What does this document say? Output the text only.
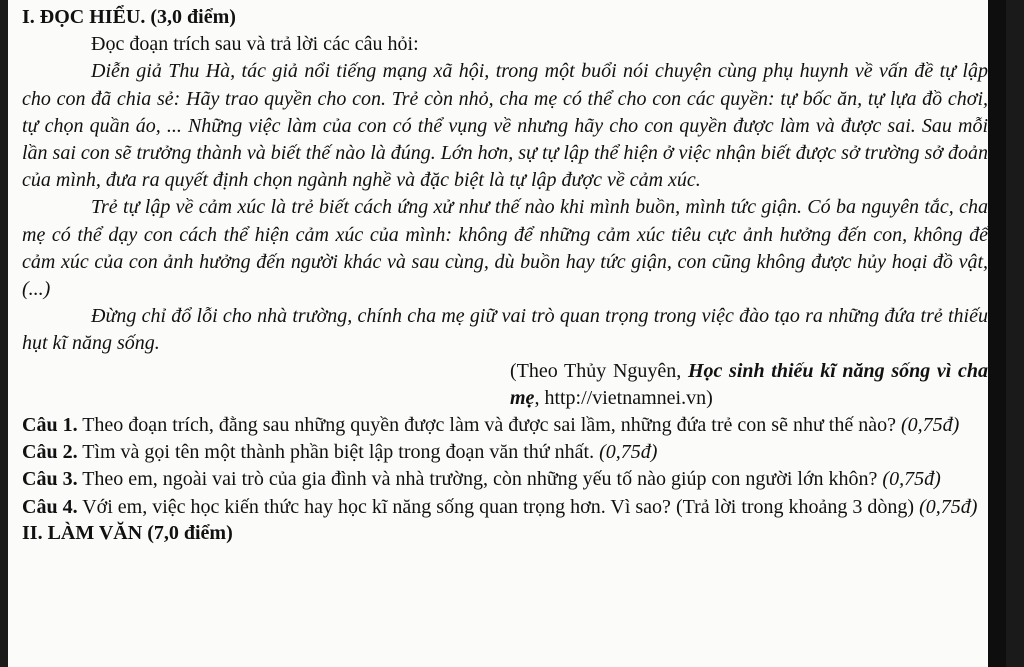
I. ĐỌC HIỂU. (3,0 điểm)

Đọc đoạn trích sau và trả lời các câu hỏi:

Diễn giả Thu Hà, tác giả nổi tiếng mạng xã hội, trong một buổi nói chuyện cùng phụ huynh về vấn đề tự lập cho con đã chia sẻ: Hãy trao quyền cho con. Trẻ còn nhỏ, cha mẹ có thể cho con các quyền: tự bốc ăn, tự lựa đồ chơi, tự chọn quần áo, ... Những việc làm của con có thể vụng về nhưng hãy cho con quyền được làm và được sai. Sau mỗi lần sai con sẽ trưởng thành và biết thế nào là đúng. Lớn hơn, sự tự lập thể hiện ở việc nhận biết được sở trường sở đoản của mình, đưa ra quyết định chọn ngành nghề và đặc biệt là tự lập được về cảm xúc.

Trẻ tự lập về cảm xúc là trẻ biết cách ứng xử như thế nào khi mình buồn, mình tức giận. Có ba nguyên tắc, cha mẹ có thể dạy con cách thể hiện cảm xúc của mình: không để những cảm xúc tiêu cực ảnh hưởng đến con, không để cảm xúc của con ảnh hưởng đến người khác và sau cùng, dù buồn hay tức giận, con cũng không được hủy hoại đồ vật, (...)

Đừng chỉ đổ lỗi cho nhà trường, chính cha mẹ giữ vai trò quan trọng trong việc đào tạo ra những đứa trẻ thiếu hụt kĩ năng sống.

(Theo Thủy Nguyên, Học sinh thiếu kĩ năng sống vì cha mẹ, http://vietnamnei.vn)

Câu 1. Theo đoạn trích, đằng sau những quyền được làm và được sai lầm, những đứa trẻ con sẽ như thế nào? (0,75đ)

Câu 2. Tìm và gọi tên một thành phần biệt lập trong đoạn văn thứ nhất. (0,75đ)

Câu 3. Theo em, ngoài vai trò của gia đình và nhà trường, còn những yếu tố nào giúp con người lớn khôn? (0,75đ)

Câu 4. Với em, việc học kiến thức hay học kĩ năng sống quan trọng hơn. Vì sao? (Trả lời trong khoảng 3 dòng) (0,75đ)

II. LÀM VĂN (7,0 điểm)
